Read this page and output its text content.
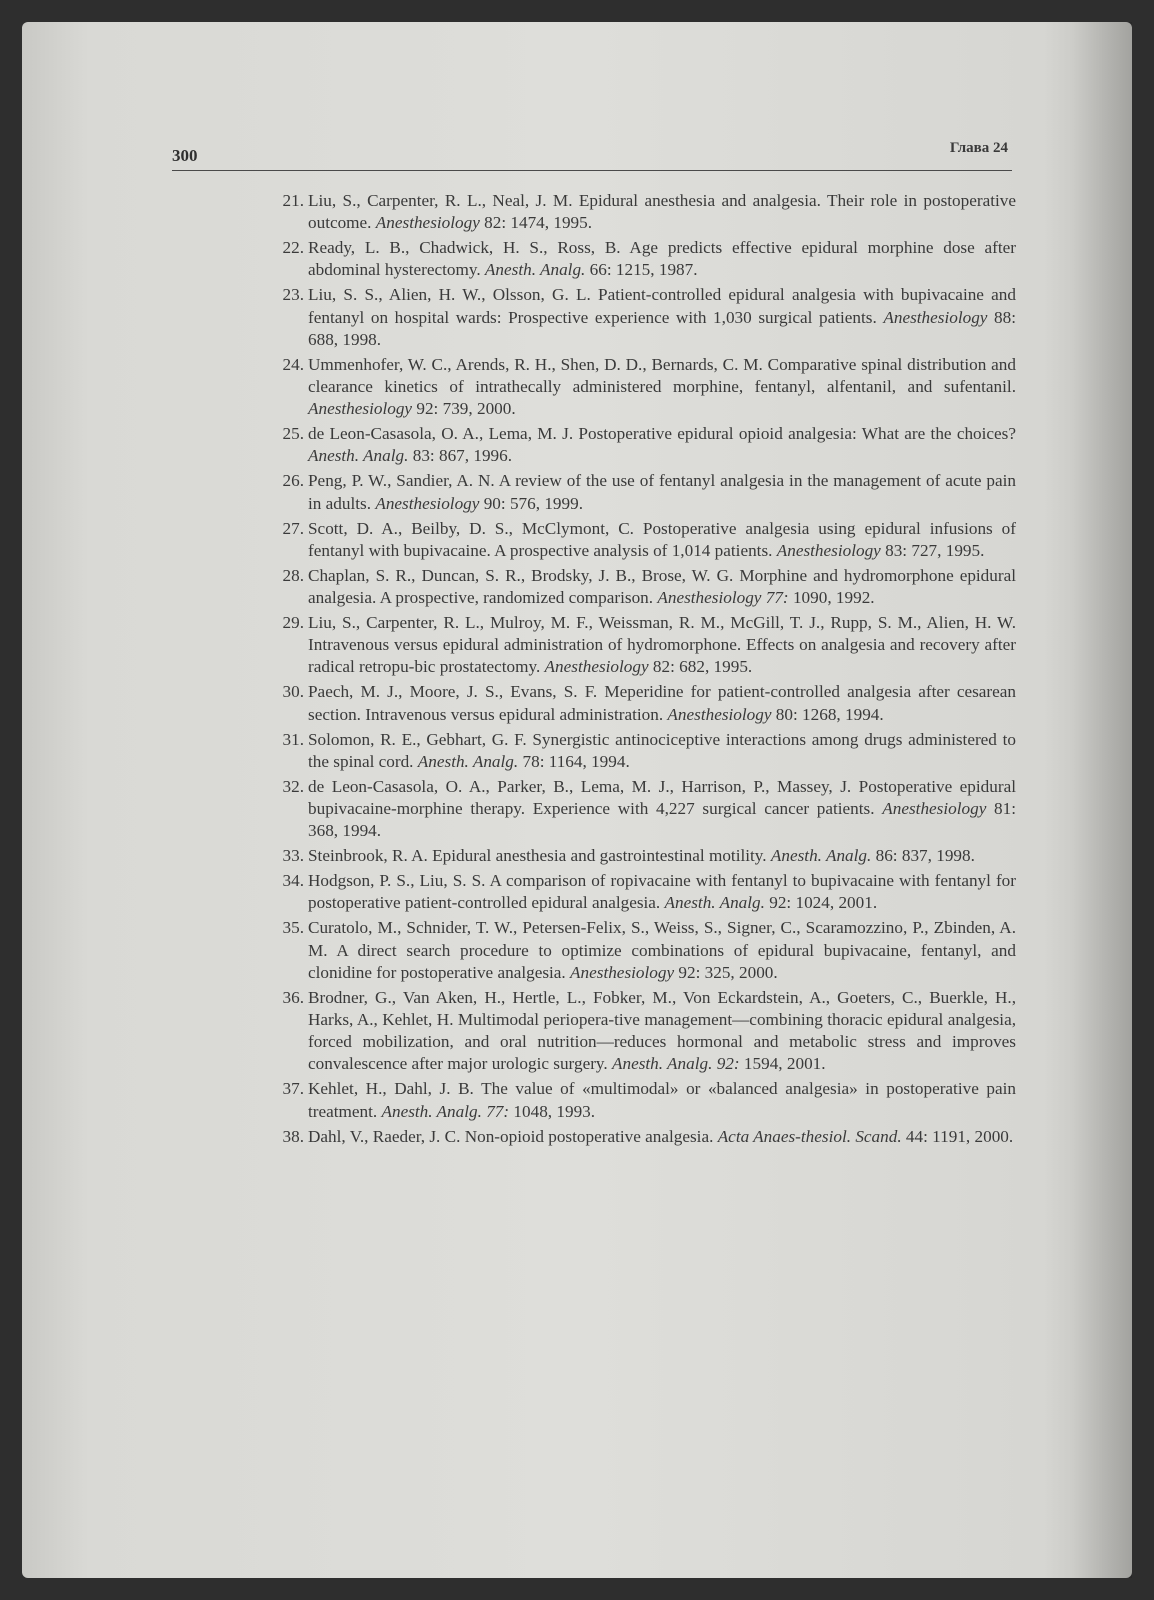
300	Глава 24
21. Liu, S., Carpenter, R. L., Neal, J. M. Epidural anesthesia and analgesia. Their role in postoperative outcome. Anesthesiology 82: 1474, 1995.
22. Ready, L. B., Chadwick, H. S., Ross, B. Age predicts effective epidural morphine dose after abdominal hysterectomy. Anesth. Analg. 66: 1215, 1987.
23. Liu, S. S., Alien, H. W., Olsson, G. L. Patient-controlled epidural analgesia with bupivacaine and fentanyl on hospital wards: Prospective experience with 1,030 surgical patients. Anesthesiology 88: 688, 1998.
24. Ummenhofer, W. C., Arends, R. H., Shen, D. D., Bernards, C. M. Comparative spinal distribution and clearance kinetics of intrathecally administered morphine, fentanyl, alfentanil, and sufentanil. Anesthesiology 92: 739, 2000.
25. de Leon-Casasola, O. A., Lema, M. J. Postoperative epidural opioid analgesia: What are the choices? Anesth. Analg. 83: 867, 1996.
26. Peng, P. W., Sandier, A. N. A review of the use of fentanyl analgesia in the management of acute pain in adults. Anesthesiology 90: 576, 1999.
27. Scott, D. A., Beilby, D. S., McClymont, C. Postoperative analgesia using epidural infusions of fentanyl with bupivacaine. A prospective analysis of 1,014 patients. Anesthesiology 83: 727, 1995.
28. Chaplan, S. R., Duncan, S. R., Brodsky, J. B., Brose, W. G. Morphine and hydromorphone epidural analgesia. A prospective, randomized comparison. Anesthesiology 77: 1090, 1992.
29. Liu, S., Carpenter, R. L., Mulroy, M. F., Weissman, R. M., McGill, T. J., Rupp, S. M., Alien, H. W. Intravenous versus epidural administration of hydromorphone. Effects on analgesia and recovery after radical retropu-bic prostatectomy. Anesthesiology 82: 682, 1995.
30. Paech, M. J., Moore, J. S., Evans, S. F. Meperidine for patient-controlled analgesia after cesarean section. Intravenous versus epidural administration. Anesthesiology 80: 1268, 1994.
31. Solomon, R. E., Gebhart, G. F. Synergistic antinociceptive interactions among drugs administered to the spinal cord. Anesth. Analg. 78: 1164, 1994.
32. de Leon-Casasola, O. A., Parker, B., Lema, M. J., Harrison, P., Massey, J. Postoperative epidural bupivacaine-morphine therapy. Experience with 4,227 surgical cancer patients. Anesthesiology 81: 368, 1994.
33. Steinbrook, R. A. Epidural anesthesia and gastrointestinal motility. Anesth. Analg. 86: 837, 1998.
34. Hodgson, P. S., Liu, S. S. A comparison of ropivacaine with fentanyl to bupivacaine with fentanyl for postoperative patient-controlled epidural analgesia. Anesth. Analg. 92: 1024, 2001.
35. Curatolo, M., Schnider, T. W., Petersen-Felix, S., Weiss, S., Signer, C., Scaramozzino, P., Zbinden, A. M. A direct search procedure to optimize combinations of epidural bupivacaine, fentanyl, and clonidine for postoperative analgesia. Anesthesiology 92: 325, 2000.
36. Brodner, G., Van Aken, H., Hertle, L., Fobker, M., Von Eckardstein, A., Goeters, C., Buerkle, H., Harks, A., Kehlet, H. Multimodal periopera-tive management—combining thoracic epidural analgesia, forced mobilization, and oral nutrition—reduces hormonal and metabolic stress and improves convalescence after major urologic surgery. Anesth. Analg. 92: 1594, 2001.
37. Kehlet, H., Dahl, J. B. The value of «multimodal» or «balanced analgesia» in postoperative pain treatment. Anesth. Analg. 77: 1048, 1993.
38. Dahl, V., Raeder, J. C. Non-opioid postoperative analgesia. Acta Anaes-thesiol. Scand. 44: 1191, 2000.
